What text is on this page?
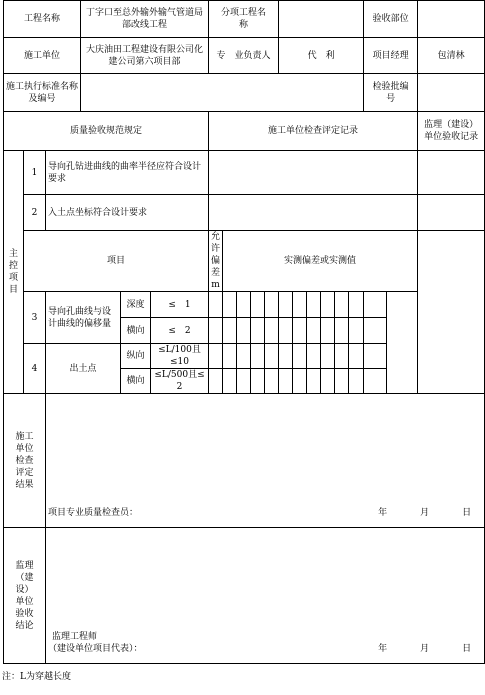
工程名称			丁字口至总外输外输气管道局部改线工程			分项工程名　　称											验收部位	
施工单位			大庆油田工程建设有限公司化建公司第六项目部			专　业负责人					代　利						项目经理	包清林
施工执行标准名称及编号																	检验批编　号	
质量验收规范规定						施工单位检查评定记录												监理（建设）单位验收记录
主控项目	1	导向孔钻进曲线的曲率半径应符合设计要求																
	2	入土点坐标符合设计要求																
	项目					允许偏差　m	实测偏差或实测值											
	3	导向孔曲线与设计曲线的偏移量		深度	≤　1													
				横向	≤　2													
	4	出土点		纵向	≤L/100且≤10													
				横向	≤L/500且≤ 2													
施工单位检查评定结果		项目专业质量检查员： 年 月 日																

监理（建设）单位验收结论		监理工程师
（建设单位项目代表）： 年 月 日																
注：L为穿越长度
